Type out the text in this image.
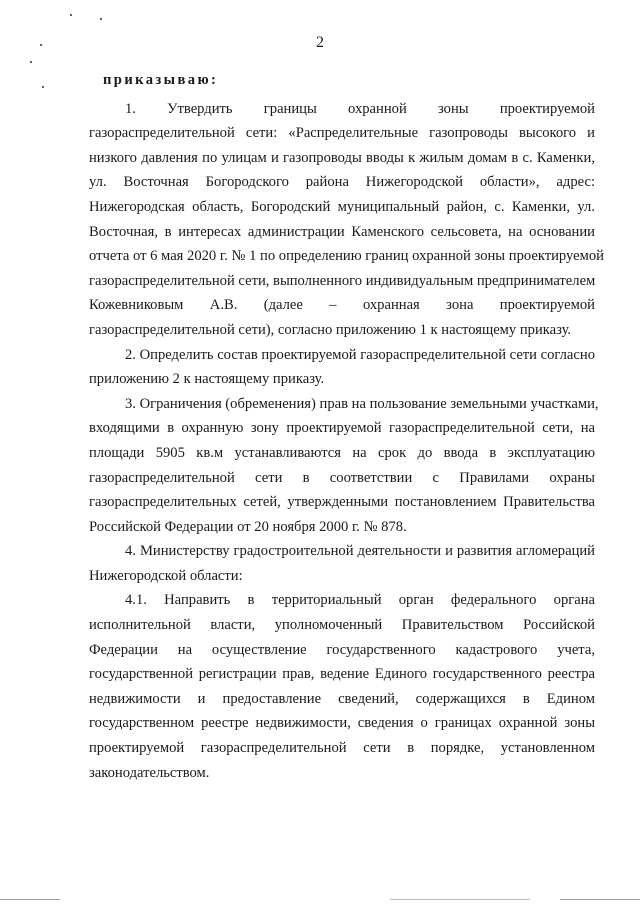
2
приказываю:
1. Утвердить границы охранной зоны проектируемой
газораспределительной сети: «Распределительные газопроводы высокого и
низкого давления по улицам и газопроводы вводы к жилым домам в с. Каменки,
ул. Восточная Богородского района Нижегородской области», адрес:
Нижегородская область, Богородский муниципальный район, с. Каменки, ул.
Восточная, в интересах администрации Каменского сельсовета, на основании
отчета от 6 мая 2020 г. № 1 по определению границ охранной зоны проектируемой
газораспределительной сети, выполненного индивидуальным предпринимателем
Кожевниковым А.В. (далее – охранная зона проектируемой
газораспределительной сети), согласно приложению 1 к настоящему приказу.
2. Определить состав проектируемой газораспределительной сети согласно
приложению 2 к настоящему приказу.
3. Ограничения (обременения) прав на пользование земельными участками,
входящими в охранную зону проектируемой газораспределительной сети, на
площади 5905 кв.м устанавливаются на срок до ввода в эксплуатацию
газораспределительной сети в соответствии с Правилами охраны
газораспределительных сетей, утвержденными постановлением Правительства
Российской Федерации от 20 ноября 2000 г. № 878.
4. Министерству градостроительной деятельности и развития агломераций
Нижегородской области:
4.1. Направить в территориальный орган федерального органа
исполнительной власти, уполномоченный Правительством Российской
Федерации на осуществление государственного кадастрового учета,
государственной регистрации прав, ведение Единого государственного реестра
недвижимости и предоставление сведений, содержащихся в Едином
государственном реестре недвижимости, сведения о границах охранной зоны
проектируемой газораспределительной сети в порядке, установленном
законодательством.
